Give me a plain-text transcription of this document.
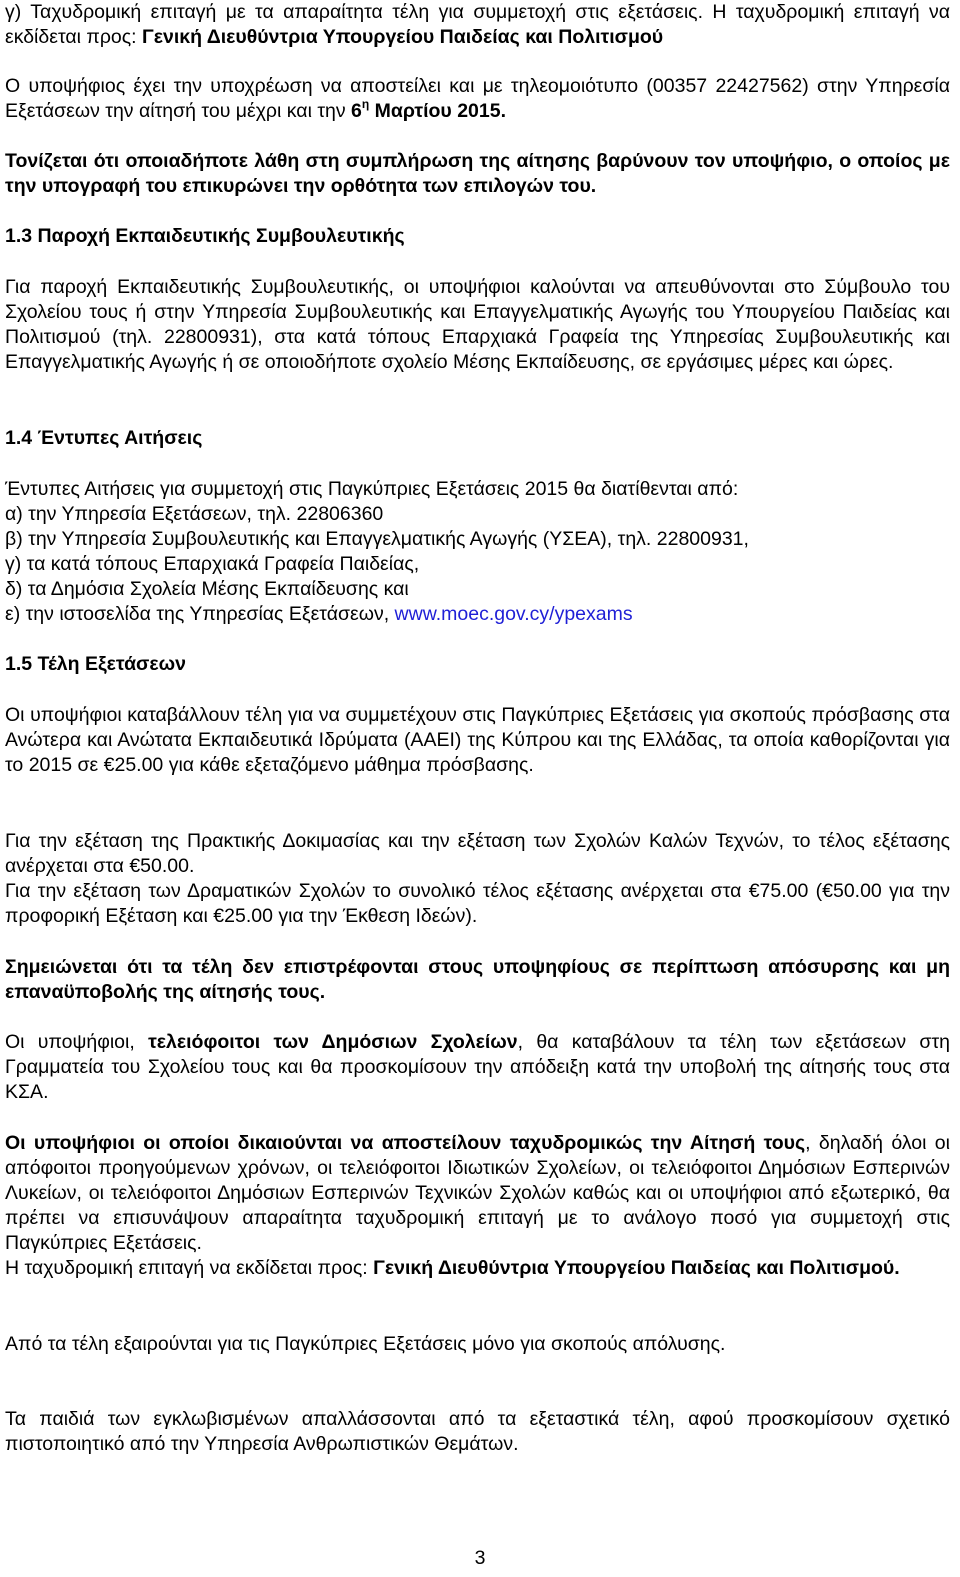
γ) Ταχυδρομική επιταγή με τα απαραίτητα τέλη για συμμετοχή στις εξετάσεις. Η ταχυδρομική επιταγή να εκδίδεται προς: Γενική Διευθύντρια Υπουργείου Παιδείας και Πολιτισμού

Ο υποψήφιος έχει την υποχρέωση να αποστείλει και με τηλεομοιότυπο (00357 22427562) στην Υπηρεσία Εξετάσεων την αίτησή του μέχρι και την $6^\eta$ Μαρτίου 2015.

Τονίζεται ότι οποιαδήποτε λάθη στη συμπλήρωση της αίτησης βαρύνουν τον υποψήφιο, ο οποίος με την υπογραφή του επικυρώνει την ορθότητα των επιλογών του.

1.3 Παροχή Εκπαιδευτικής Συμβουλευτικής

Για παροχή Εκπαιδευτικής Συμβουλευτικής, οι υποψήφιοι καλούνται να απευθύνονται στο Σύμβουλο του Σχολείου τους ή στην Υπηρεσία Συμβουλευτικής και Επαγγελματικής Αγωγής του Υπουργείου Παιδείας και Πολιτισμού (τηλ. 22800931), στα κατά τόπους Επαρχιακά Γραφεία της Υπηρεσίας Συμβουλευτικής και Επαγγελματικής Αγωγής ή σε οποιοδήποτε σχολείο Μέσης Εκπαίδευσης, σε εργάσιμες μέρες και ώρες.

1.4 Έντυπες Αιτήσεις
Έντυπες Αιτήσεις για συμμετοχή στις Παγκύπριες Εξετάσεις 2015 θα διατίθενται από:
α) την Υπηρεσία Εξετάσεων, τηλ. 22806360
β) την Υπηρεσία Συμβουλευτικής και Επαγγελματικής Αγωγής (ΥΣΕΑ), τηλ. 22800931,
γ) τα κατά τόπους Επαρχιακά Γραφεία Παιδείας,
δ) τα Δημόσια Σχολεία Μέσης Εκπαίδευσης και
ε) την ιστοσελίδα της Υπηρεσίας Εξετάσεων, www.moec.gov.cy/ypexams
1.5 Τέλη Εξετάσεων

Οι υποψήφιοι καταβάλλουν τέλη για να συμμετέχουν στις Παγκύπριες Εξετάσεις για σκοπούς πρόσβασης στα Ανώτερα και Ανώτατα Εκπαιδευτικά Ιδρύματα (ΑΑΕΙ) της Κύπρου και της Ελλάδας, τα οποία καθορίζονται για το 2015 σε €25.00 για κάθε εξεταζόμενο μάθημα πρόσβασης.

Για την εξέταση της Πρακτικής Δοκιμασίας και την εξέταση των Σχολών Καλών Τεχνών, το τέλος εξέτασης ανέρχεται στα €50.00.

Για την εξέταση των Δραματικών Σχολών το συνολικό τέλος εξέτασης ανέρχεται στα €75.00 (€50.00 για την προφορική Εξέταση και €25.00 για την Έκθεση Ιδεών).

Σημειώνεται ότι τα τέλη δεν επιστρέφονται στους υποψηφίους σε περίπτωση απόσυρσης και μη επαναϋποβολής της αίτησής τους.

Οι υποψήφιοι, τελειόφοιτοι των Δημόσιων Σχολείων, θα καταβάλουν τα τέλη των εξετάσεων στη Γραμματεία του Σχολείου τους και θα προσκομίσουν την απόδειξη κατά την υποβολή της αίτησής τους στα ΚΣΑ.

Οι υποψήφιοι οι οποίοι δικαιούνται να αποστείλουν ταχυδρομικώς την Αίτησή τους, δηλαδή όλοι οι απόφοιτοι προηγούμενων χρόνων, οι τελειόφοιτοι Ιδιωτικών Σχολείων, οι τελειόφοιτοι Δημόσιων Εσπερινών Λυκείων, οι τελειόφοιτοι Δημόσιων Εσπερινών Τεχνικών Σχολών καθώς και οι υποψήφιοι από εξωτερικό, θα πρέπει να επισυνάψουν απαραίτητα ταχυδρομική επιταγή με το ανάλογο ποσό για συμμετοχή στις Παγκύπριες Εξετάσεις.

Η ταχυδρομική επιταγή να εκδίδεται προς: Γενική Διευθύντρια Υπουργείου Παιδείας και Πολιτισμού.

Από τα τέλη εξαιρούνται για τις Παγκύπριες Εξετάσεις μόνο για σκοπούς απόλυσης.

Τα παιδιά των εγκλωβισμένων απαλλάσσονται από τα εξεταστικά τέλη, αφού προσκομίσουν σχετικό πιστοποιητικό από την Υπηρεσία Ανθρωπιστικών Θεμάτων.

3
